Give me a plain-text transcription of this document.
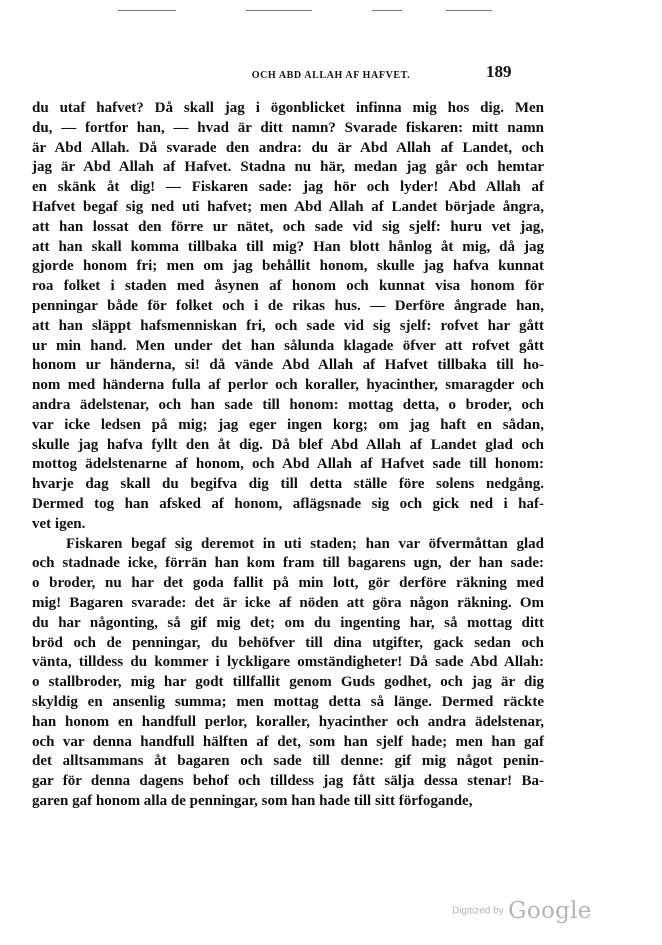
OCH ABD ALLAH AF HAFVET.	189
du utaf hafvet? Då skall jag i ögonblicket infinna mig hos dig. Men
du, — fortfor han, — hvad är ditt namn? Svarade fiskaren: mitt namn
är Abd Allah. Då svarade den andra: du är Abd Allah af Landet, och
jag är Abd Allah af Hafvet. Stadna nu här, medan jag går och hemtar
en skänk åt dig! — Fiskaren sade: jag hör och lyder! Abd Allah af
Hafvet begaf sig ned uti hafvet; men Abd Allah af Landet började ångra,
att han lossat den förre ur nätet, och sade vid sig sjelf: huru vet jag,
att han skall komma tillbaka till mig? Han blott hånlog åt mig, då jag
gjorde honom fri; men om jag behållit honom, skulle jag hafva kunnat
roa folket i staden med åsynen af honom och kunnat visa honom för
penningar både för folket och i de rikas hus. — Derföre ångrade han,
att han släppt hafsmenniskan fri, och sade vid sig sjelf: rofvet har gått
ur min hand. Men under det han sålunda klagade öfver att rofvet gått
honom ur händerna, si! då vände Abd Allah af Hafvet tillbaka till ho-
nom med händerna fulla af perlor och koraller, hyacinther, smaragder och
andra ädelstenar, och han sade till honom: mottag detta, o broder, och
var icke ledsen på mig; jag eger ingen korg; om jag haft en sådan,
skulle jag hafva fyllt den åt dig. Då blef Abd Allah af Landet glad och
mottog ädelstenarne af honom, och Abd Allah af Hafvet sade till honom:
hvarje dag skall du begifva dig till detta ställe före solens nedgång.
Dermed tog han afsked af honom, aflägsnade sig och gick ned i haf-
vet igen.
Fiskaren begaf sig deremot in uti staden; han var öfvermåttan glad
och stadnade icke, förrän han kom fram till bagarens ugn, der han sade:
o broder, nu har det goda fallit på min lott, gör derföre räkning med
mig! Bagaren svarade: det är icke af nöden att göra någon räkning. Om
du har någonting, så gif mig det; om du ingenting har, så mottag ditt
bröd och de penningar, du behöfver till dina utgifter, gack sedan och
vänta, tilldess du kommer i lyckligare omständigheter! Då sade Abd Allah:
o stallbroder, mig har godt tillfallit genom Guds godhet, och jag är dig
skyldig en ansenlig summa; men mottag detta så länge. Dermed räckte
han honom en handfull perlor, koraller, hyacinther och andra ädelstenar,
och var denna handfull hälften af det, som han sjelf hade; men han gaf
det alltsammans åt bagaren och sade till denne: gif mig något penin-
gar för denna dagens behof och tilldess jag fått sälja dessa stenar! Ba-
garen gaf honom alla de penningar, som han hade till sitt förfogande,
Digitized by Google
